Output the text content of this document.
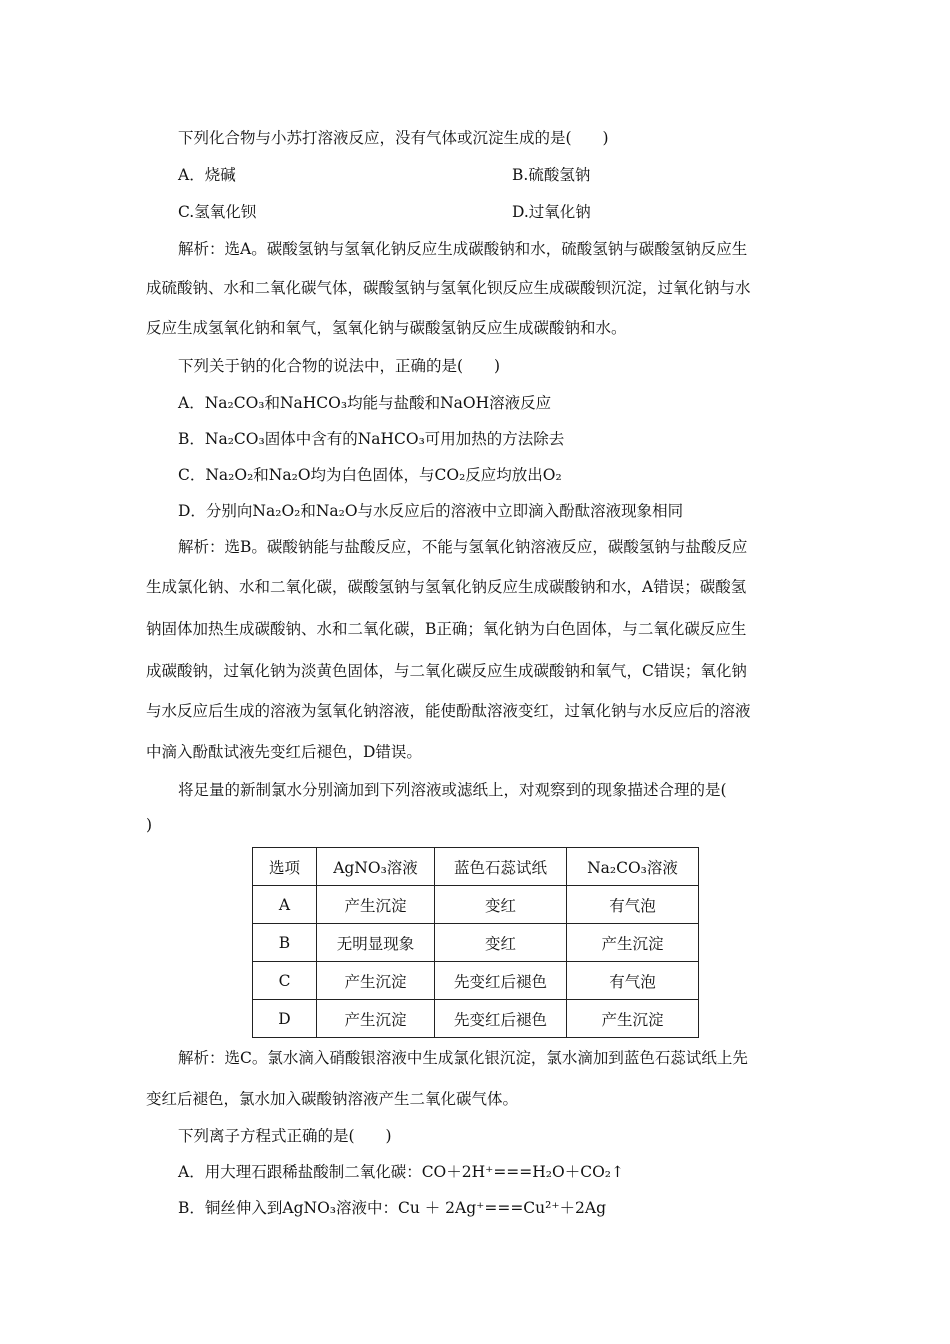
下列化合物与小苏打溶液反应，没有气体或沉淀生成的是(　　)
A．烧碱	B.硫酸氢钠
C.氢氧化钡	D.过氧化钠
解析：选A。碳酸氢钠与氢氧化钠反应生成碳酸钠和水，硫酸氢钠与碳酸氢钠反应生
成硫酸钠、水和二氧化碳气体，碳酸氢钠与氢氧化钡反应生成碳酸钡沉淀，过氧化钠与水
反应生成氢氧化钠和氧气，氢氧化钠与碳酸氢钠反应生成碳酸钠和水。
下列关于钠的化合物的说法中，正确的是(　　)
A．Na₂CO₃和NaHCO₃均能与盐酸和NaOH溶液反应
B．Na₂CO₃固体中含有的NaHCO₃可用加热的方法除去
C．Na₂O₂和Na₂O均为白色固体，与CO₂反应均放出O₂
D．分别向Na₂O₂和Na₂O与水反应后的溶液中立即滴入酚酞溶液现象相同
解析：选B。碳酸钠能与盐酸反应，不能与氢氧化钠溶液反应，碳酸氢钠与盐酸反应
生成氯化钠、水和二氧化碳，碳酸氢钠与氢氧化钠反应生成碳酸钠和水，A错误；碳酸氢
钠固体加热生成碳酸钠、水和二氧化碳，B正确；氧化钠为白色固体，与二氧化碳反应生
成碳酸钠，过氧化钠为淡黄色固体，与二氧化碳反应生成碳酸钠和氧气，C错误；氧化钠
与水反应后生成的溶液为氢氧化钠溶液，能使酚酞溶液变红，过氧化钠与水反应后的溶液
中滴入酚酞试液先变红后褪色，D错误。
将足量的新制氯水分别滴加到下列溶液或滤纸上，对观察到的现象描述合理的是(
)
选项	AgNO₃溶液	蓝色石蕊试纸	Na₂CO₃溶液
A	产生沉淀	变红	有气泡
B	无明显现象	变红	产生沉淀
C	产生沉淀	先变红后褪色	有气泡
D	产生沉淀	先变红后褪色	产生沉淀
解析：选C。氯水滴入硝酸银溶液中生成氯化银沉淀，氯水滴加到蓝色石蕊试纸上先
变红后褪色，氯水加入碳酸钠溶液产生二氧化碳气体。
下列离子方程式正确的是(　　)
A．用大理石跟稀盐酸制二氧化碳：CO＋2H⁺===H₂O＋CO₂↑
B．铜丝伸入到AgNO₃溶液中：Cu ＋ 2Ag⁺===Cu²⁺＋2Ag
